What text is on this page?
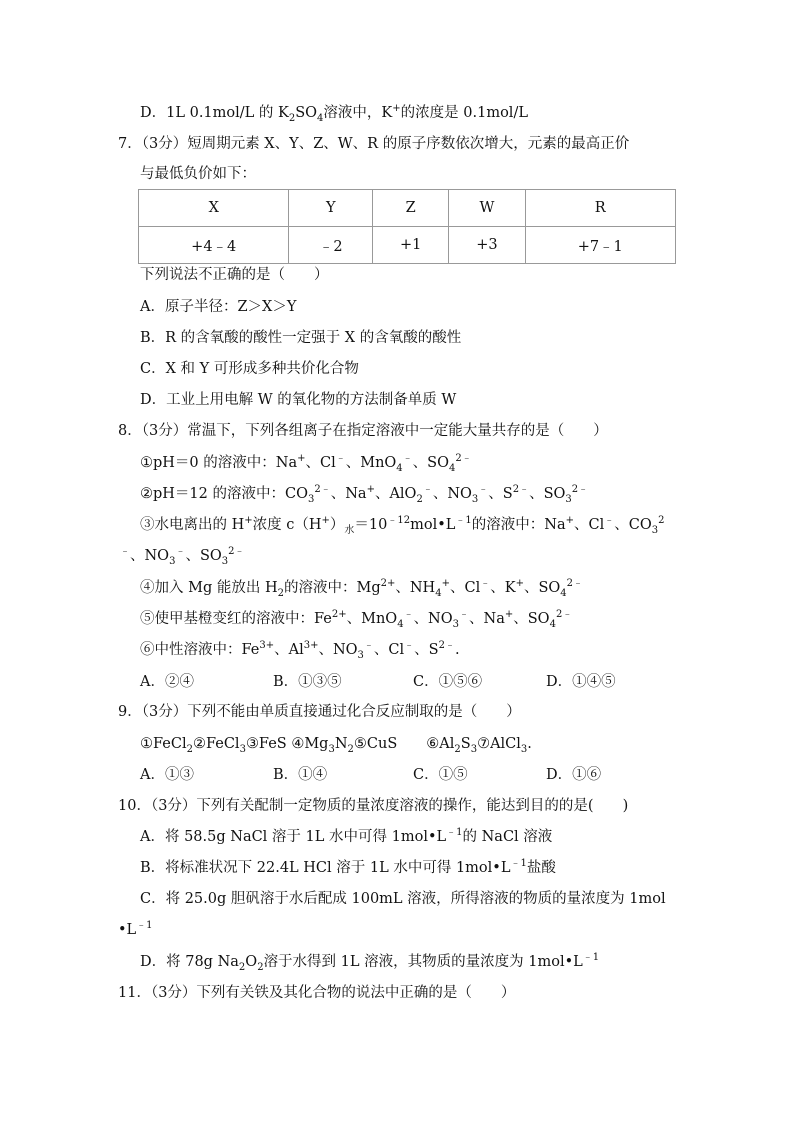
D．1L 0.1mol/L 的 $K_2SO_4$溶液中，K+的浓度是 0.1mol/L
7．（3分）短周期元素 X、Y、Z、W、R 的原子序数依次增大，元素的最高正价
与最低负价如下：
X	Y	Z	W	R
+4﹣4	﹣2	+1	+3	+7﹣1
下列说法不正确的是（　　）
A．原子半径：Z＞X＞Y
B．R 的含氧酸的酸性一定强于 X 的含氧酸的酸性
C．X 和 Y 可形成多种共价化合物
D．工业上用电解 W 的氧化物的方法制备单质 W
8．（3分）常温下，下列各组离子在指定溶液中一定能大量共存的是（　　）
①pH＝0 的溶液中：Na+、Cl﹣、MnO$_4$﹣、$SO_4^{2﹣}$
②pH＝12 的溶液中：$CO_3^{2﹣}$、Na+、AlO$_2$﹣、$NO_3^﹣$、$S^{2﹣}$、$SO_3^{2﹣}$
③水电离出的 H+浓度 $c(H^+)_水=10^{﹣12}mol•L^{﹣1}$的溶液中：Na+、Cl﹣、$CO_3^2$
﹣、$NO_3^﹣$、$SO_3^{2﹣}$
④加入 Mg 能放出 $H_2$的溶液中：$Mg^{2+}$、$NH_4^+$、Cl﹣、K+、$SO_4^{2﹣}$
⑤使甲基橙变红的溶液中：$Fe^{2+}$、MnO$_4$﹣、$NO_3^﹣$、Na+、$SO_4^{2﹣}$
⑥中性溶液中：$Fe^{3+}$、$Al^{3+}$、$NO_3^﹣$、Cl﹣、$S^{2﹣}$.
A．②④	B．①③⑤	C．①⑤⑥	D．①④⑤
9．（3分）下列不能由单质直接通过化合反应制取的是（　　）
①FeCl$_2$②FeCl$_3$③FeS $④Mg_3N_2⑤CuS$　　$⑥Al_2S_3⑦AlCl_3$.
A．①③	B．①④	C．①⑤	D．①⑥
10．（3分）下列有关配制一定物质的量浓度溶液的操作，能达到目的的是(　　)
A．将 58.5g NaCl 溶于 1L 水中可得 $1mol•L^{﹣1}$的 NaCl 溶液
B．将标准状况下 22.4L HCl 溶于 1L 水中可得 $1mol•L^{﹣1}$盐酸
C．将 25.0g 胆矾溶于水后配成 100mL 溶液，所得溶液的物质的量浓度为 1mol
$•L^{﹣1}$
D．将 78g $Na_2O_2$溶于水得到 1L 溶液，其物质的量浓度为 $1mol•L^{﹣1}$
11．（3分）下列有关铁及其化合物的说法中正确的是（　　）
